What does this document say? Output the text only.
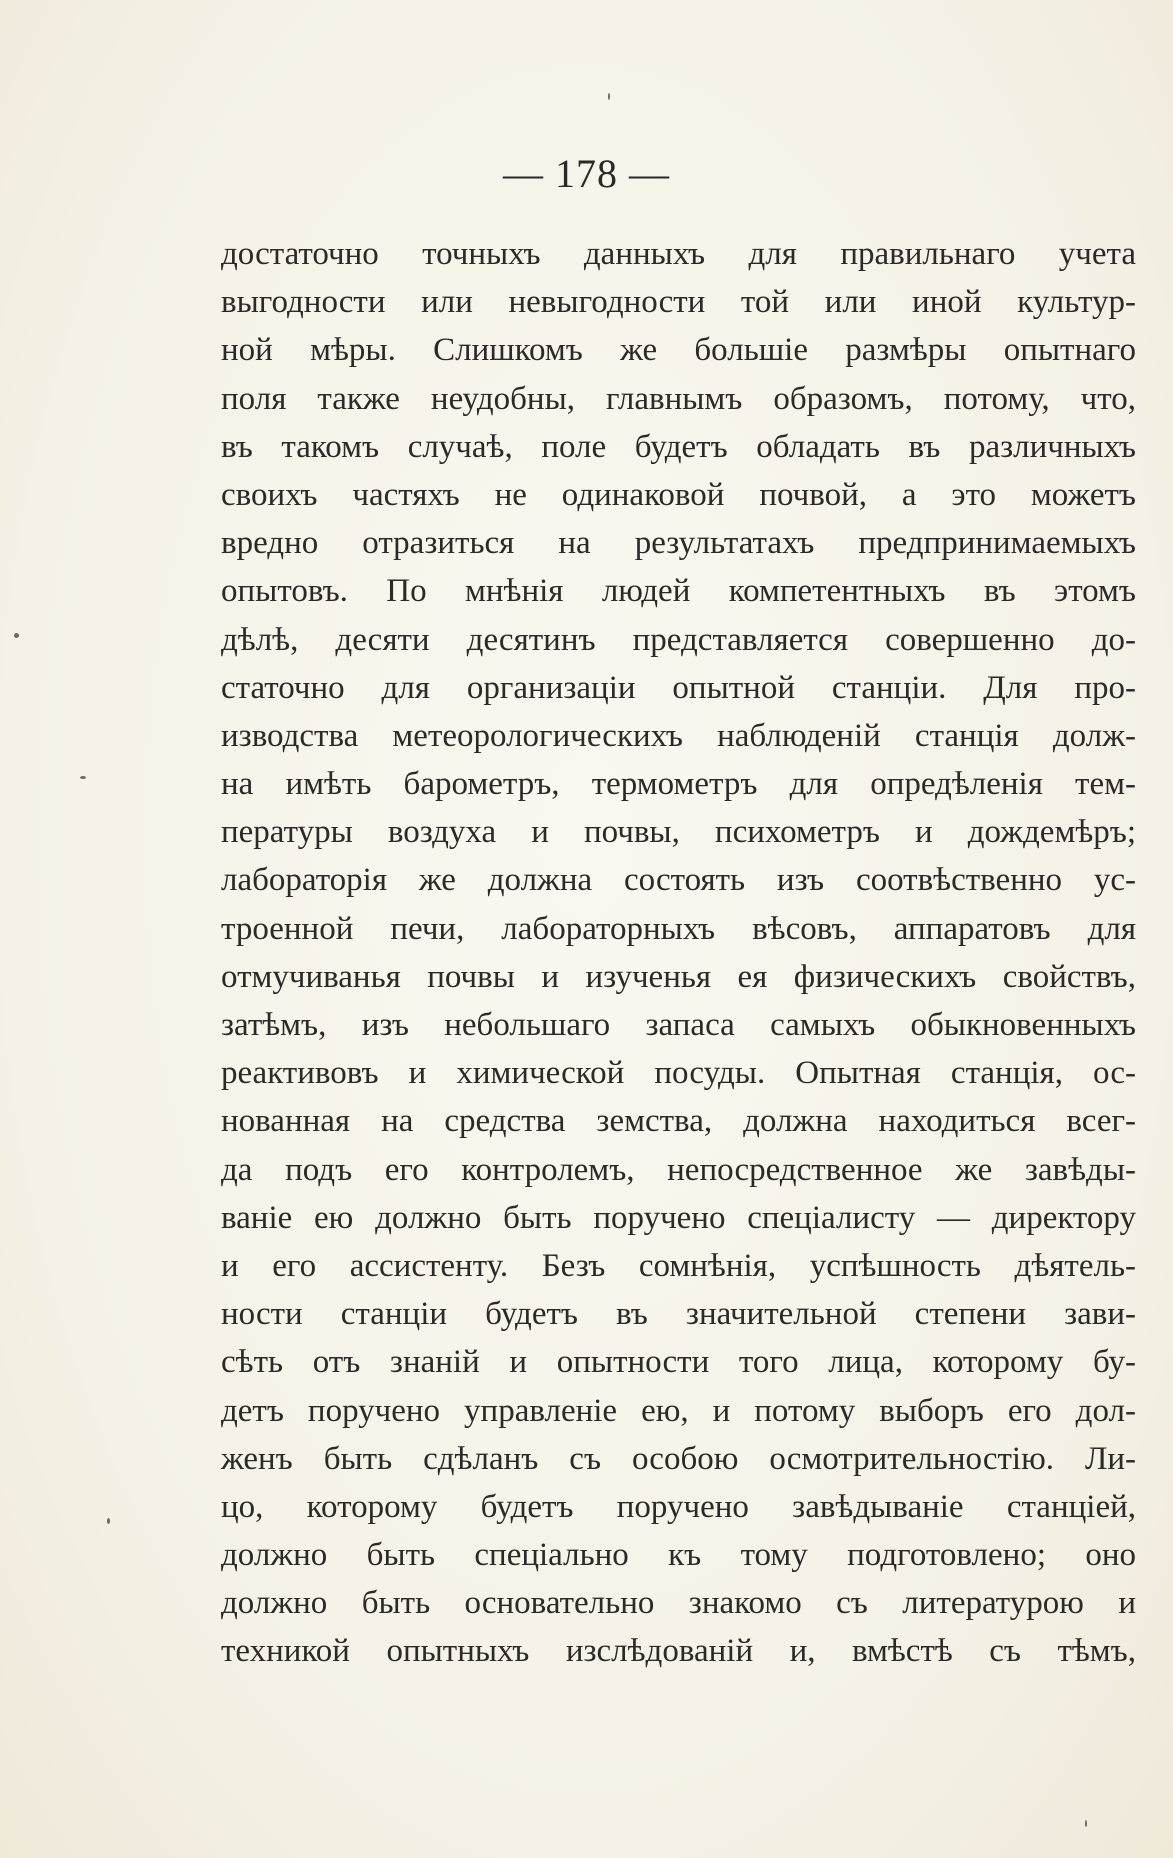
— 178 —
достаточно точныхъ данныхъ для правильнаго учета
выгодности или невыгодности той или иной культур-
ной мѣры. Слишкомъ же большіе размѣры опытнаго
поля также неудобны, главнымъ образомъ, потому, что,
въ такомъ случаѣ, поле будетъ обладать въ различныхъ
своихъ частяхъ не одинаковой почвой, а это можетъ
вредно отразиться на результатахъ предпринимаемыхъ
опытовъ. По мнѣнія людей компетентныхъ въ этомъ
дѣлѣ, десяти десятинъ представляется совершенно до-
статочно для организаціи опытной станціи. Для про-
изводства метеорологическихъ наблюденій станція долж-
на имѣть барометръ, термометръ для опредѣленія тем-
пературы воздуха и почвы, психометръ и дождемѣръ;
лабораторія же должна состоять изъ соотвѣственно ус-
троенной печи, лабораторныхъ вѣсовъ, аппаратовъ для
отмучиванья почвы и изученья ея физическихъ свойствъ,
затѣмъ, изъ небольшаго запаса самыхъ обыкновенныхъ
реактивовъ и химической посуды. Опытная станція, ос-
нованная на средства земства, должна находиться всег-
да подъ его контролемъ, непосредственное же завѣды-
ваніе ею должно быть поручено спеціалисту — директору
и его ассистенту. Безъ сомнѣнія, успѣшность дѣятель-
ности станціи будетъ въ значительной степени зави-
сѣть отъ знаній и опытности того лица, которому бу-
детъ поручено управленіе ею, и потому выборъ его дол-
женъ быть сдѣланъ съ особою осмотрительностію. Ли-
цо, которому будетъ поручено завѣдываніе станціей,
должно быть спеціально къ тому подготовлено; оно
должно быть основательно знакомо съ литературою и
техникой опытныхъ изслѣдованій и, вмѣстѣ съ тѣмъ,
